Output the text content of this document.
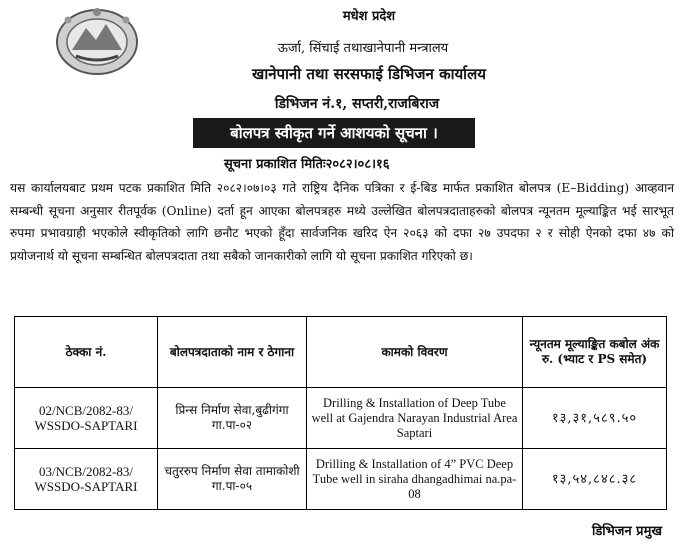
मधेश प्रदेश
ऊर्जा, सिंचाई तथाखानेपानी मन्त्रालय
खानेपानी तथा सरसफाई डिभिजन कार्यालय
डिभिजन नं.१, सप्तरी,राजबिराज
बोलपत्र स्वीकृत गर्ने आशयको सूचना ।
सूचना प्रकाशित मितिः२०८२।०८।१६
यस कार्यालयबाट प्रथम पटक प्रकाशित मिति २०८२।०७।०३ गते राष्ट्रिय दैनिक पत्रिका र ई-बिड मार्फत प्रकाशित बोलपत्र (E–Bidding) आव्हवान सम्बन्धी सूचना अनुसार रीतपूर्वक (Online) दर्ता हून आएका बोलपत्रहरु मध्ये उल्लेखित बोलपत्रदाताहरुको बोलपत्र न्यूनतम मूल्याङ्कित भई सारभूत रुपमा प्रभावग्राही भएकोले स्वीकृतिको लागि छनौट भएको हूँदा सार्वजनिक खरिद ऐन २०६३ को दफा २७ उपदफा २ र सोही ऐनको दफा ४७ को प्रयोजनार्थ यो सूचना सम्बन्धित बोलपत्रदाता तथा सबैको जानकारीको लागि यो सूचना प्रकाशित गरिएको छ।
ठेक्का नं.	बोलपत्रदाताको नाम र ठेगाना	कामको विवरण	न्यूनतम मूल्याङ्कित कबोल अंक रु. (भ्याट र PS समेत)
02/NCB/2082-83/ WSSDO-SAPTARI	प्रिन्स निर्माण सेवा,बुढीगंगा गा.पा-०२	Drilling & Installation of Deep Tube well at Gajendra Narayan Industrial Area Saptari	१३,३१,५८९.५०
03/NCB/2082-83/ WSSDO-SAPTARI	चतुररुप निर्माण सेवा तामाकोशी गा.पा-०५	Drilling & Installation of 4” PVC Deep Tube well in siraha dhangadhimai na.pa-08	१३,५४,८४८.३८
डिभिजन प्रमुख
